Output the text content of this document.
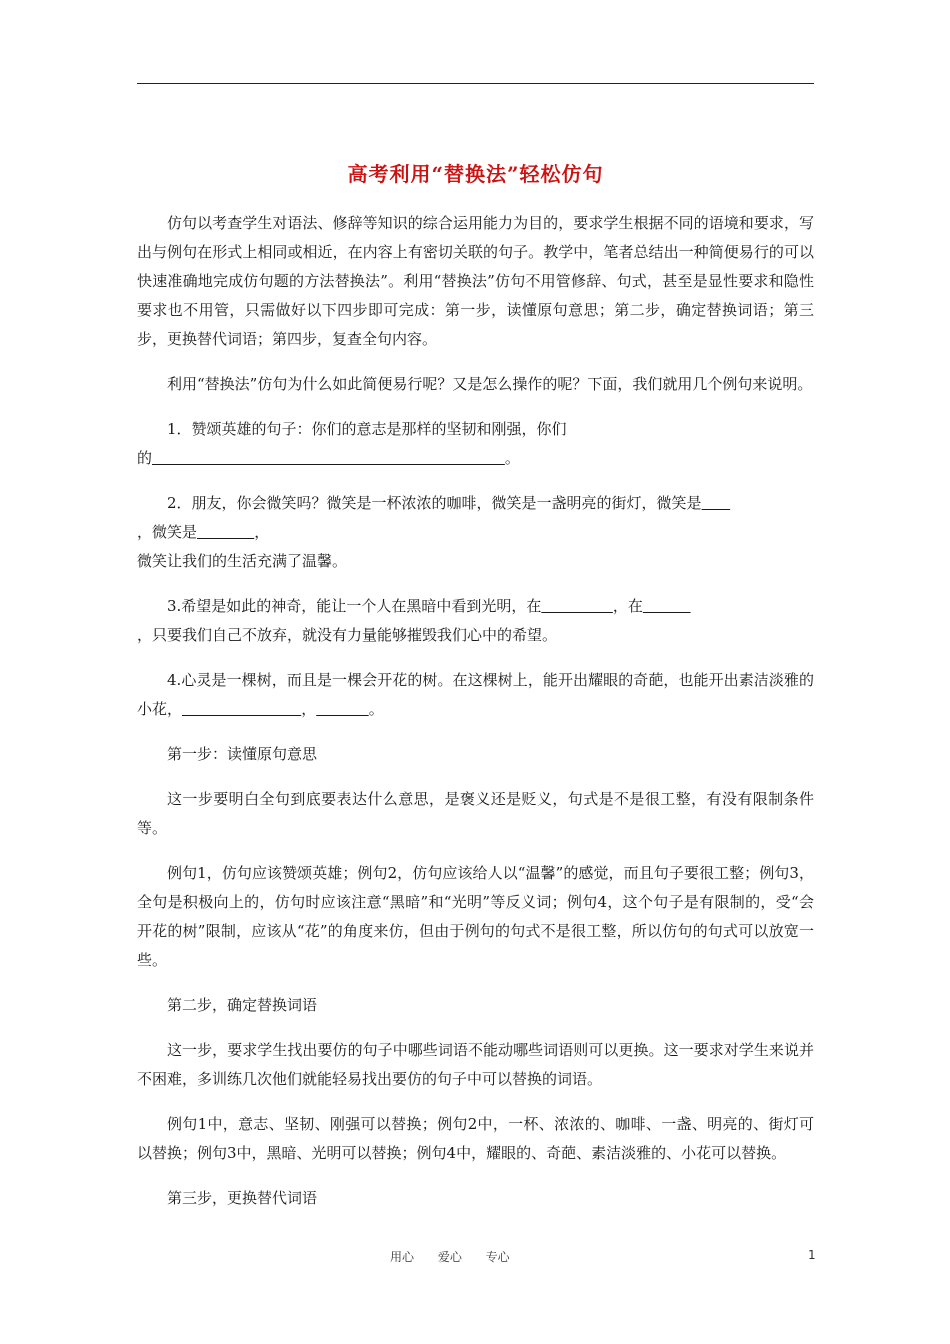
高考利用“替换法”轻松仿句

仿句以考查学生对语法、修辞等知识的综合运用能力为目的，要求学生根据不同的语境和要求，写出与例句在形式上相同或相近，在内容上有密切关联的句子。教学中，笔者总结出一种简便易行的可以快速准确地完成仿句题的方法替换法”。利用“替换法”仿句不用管修辞、句式，甚至是显性要求和隐性要求也不用管，只需做好以下四步即可完成：第一步，读懂原句意思；第二步，确定替换词语；第三步，更换替代词语；第四步，复查全句内容。

利用“替换法”仿句为什么如此简便易行呢？又是怎么操作的呢？下面，我们就用几个例句来说明。

1．赞颂英雄的句子：你们的意志是那样的坚韧和刚强，你们
的	。

2．朋友，你会微笑吗？微笑是一杯浓浓的咖啡，微笑是一盏明亮的街灯，微笑是
，微笑是	，
微笑让我们的生活充满了温馨。

3.希望是如此的神奇，能让一个人在黑暗中看到光明，在	，在
，只要我们自己不放弃，就没有力量能够摧毁我们心中的希望。

4.心灵是一棵树，而且是一棵会开花的树。在这棵树上，能开出耀眼的奇葩，也能开出素洁淡雅的小花，	，	。

第一步：读懂原句意思

这一步要明白全句到底要表达什么意思，是褒义还是贬义，句式是不是很工整，有没有限制条件等。

例句1，仿句应该赞颂英雄；例句2，仿句应该给人以“温馨”的感觉，而且句子要很工整；例句3，全句是积极向上的，仿句时应该注意“黑暗”和“光明”等反义词；例句4，这个句子是有限制的，受“会开花的树”限制，应该从“花”的角度来仿，但由于例句的句式不是很工整，所以仿句的句式可以放宽一些。

第二步，确定替换词语

这一步，要求学生找出要仿的句子中哪些词语不能动哪些词语则可以更换。这一要求对学生来说并不困难，多训练几次他们就能轻易找出要仿的句子中可以替换的词语。

例句1中，意志、坚韧、刚强可以替换；例句2中，一杯、浓浓的、咖啡、一盏、明亮的、街灯可以替换；例句3中，黑暗、光明可以替换；例句4中，耀眼的、奇葩、素洁淡雅的、小花可以替换。

第三步，更换替代词语

用心 爱心 专心	1
